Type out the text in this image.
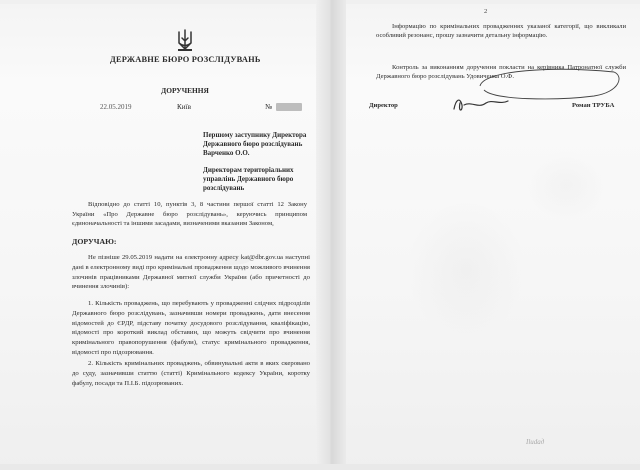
ДЕРЖАВНЕ БЮРО РОЗСЛІДУВАНЬ
ДОРУЧЕННЯ
22.05.2019	Київ	№
Першому заступнику Директора
Державного бюро розслідувань
Варченко О.О.
Директорам територіальних
управлінь Державного бюро
розслідувань
Відповідно до статті 10, пунктів 3, 8 частини першої статті 12 Закону України «Про Державне бюро розслідувань», керуючись принципом єдиноначальності та іншими засадами, визначеними вказаним Законом,
ДОРУЧАЮ:
Не пізніше 29.05.2019 надати на електронну адресу kat@dbr.gov.ua наступні дані в електронному виді про кримінальні провадження щодо можливого вчинення злочинів працівниками Державної митної служби України (або причетності до вчинення злочинів):
1. Кількість проваджень, що перебувають у провадженні слідчих підрозділів Державного бюро розслідувань, зазначивши номери проваджень, дати внесення відомостей до ЄРДР, підставу початку досудового розслідування, кваліфікацію, відомості про короткий виклад обставин, що можуть свідчити про вчинення кримінального правопорушення (фабули), статус кримінального провадження, відомості про підозрювання.
2. Кількість кримінальних проваджень, обвинувальні акти в яких скеровано до суду, зазначивши статтю (статті) Кримінального кодексу України, коротку фабулу, посади та П.І.Б. підозрюваних.
2
Інформацію по кримінальних провадженнях указаної категорії, що викликали особливий резонанс, прошу зазначити детальну інформацію.
Контроль за виконанням доручення покласти на керівника Патронатної служби Державного бюро розслідувань Удовиченка О.Ф.
Директор	Роман ТРУБА
Ilиdaд
